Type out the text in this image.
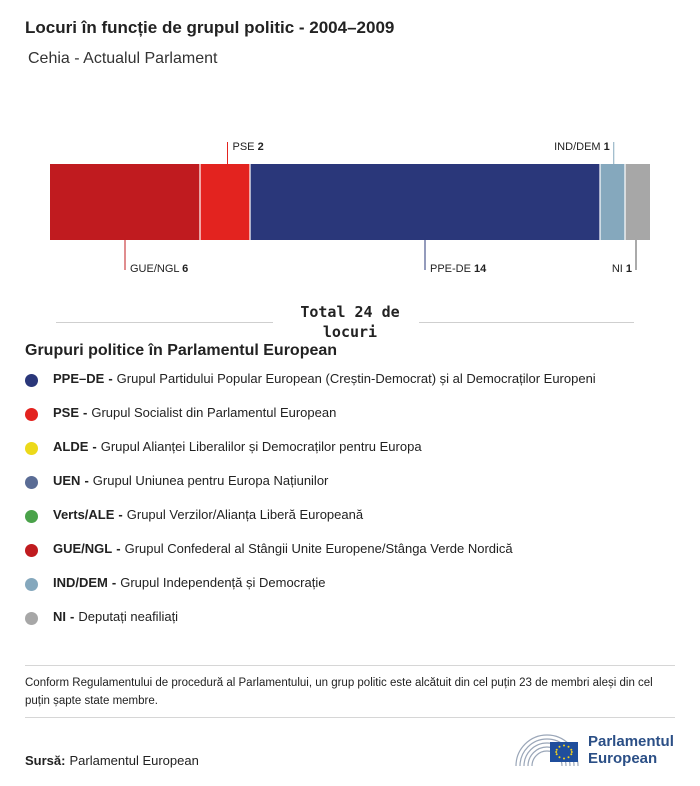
Locuri în funcție de grupul politic - 2004–2009
Cehia - Actualul Parlament
GUE/NGL 6
PSE 2
PPE-DE 14
IND/DEM 1
NI 1
Total 24 de locuri
Grupuri politice în Parlamentul European
PPE–DE - Grupul Partidului Popular European (Creștin-Democrat) și al Democraților Europeni
PSE - Grupul Socialist din Parlamentul European
ALDE - Grupul Alianței Liberalilor și Democraților pentru Europa
UEN - Grupul Uniunea pentru Europa Națiunilor
Verts/ALE - Grupul Verzilor/Alianța Liberă Europeană
GUE/NGL - Grupul Confederal al Stângii Unite Europene/Stânga Verde Nordică
IND/DEM - Grupul Independență și Democrație
NI - Deputați neafiliați
Conform Regulamentului de procedură al Parlamentului, un grup politic este alcătuit din cel puțin 23 de membri aleși din cel puțin șapte state membre.
Sursă: Parlamentul European
Parlamentul
European
